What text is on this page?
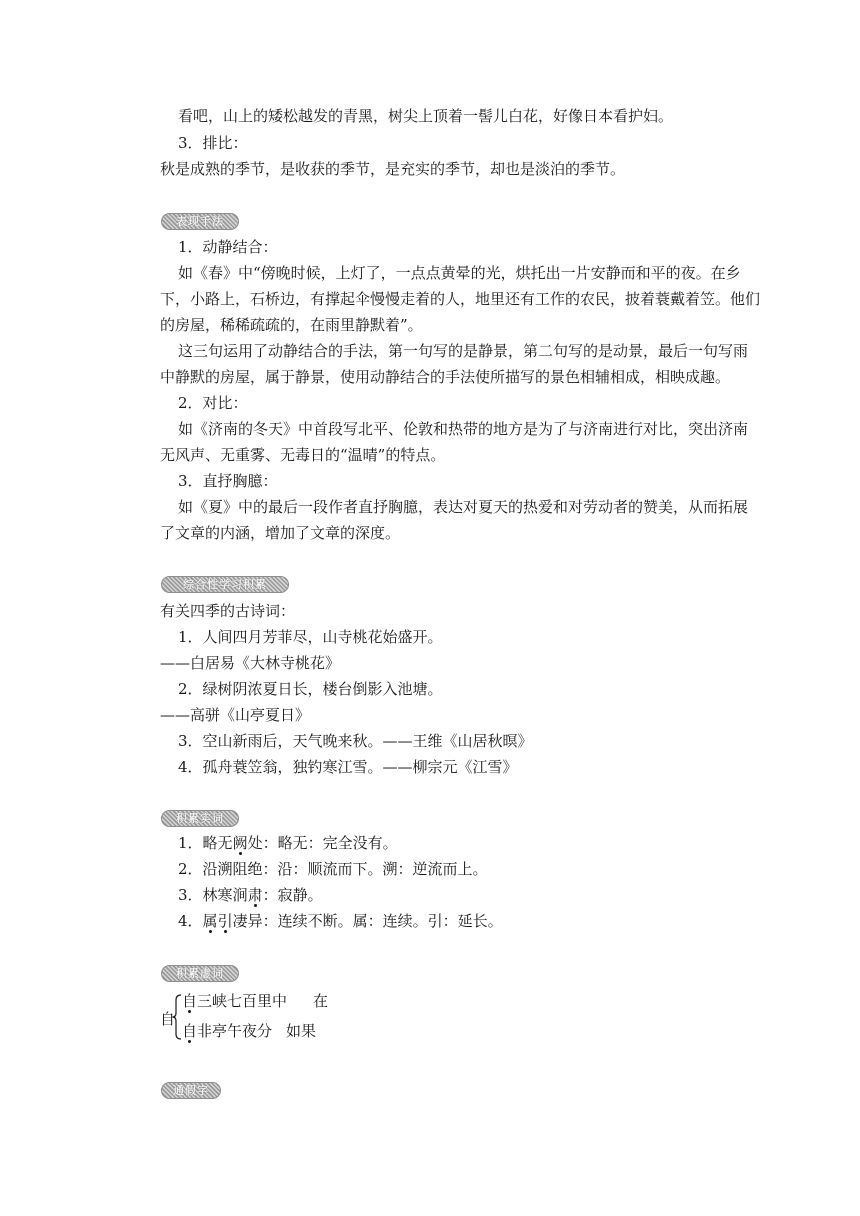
看吧，山上的矮松越发的青黑，树尖上顶着一髻儿白花，好像日本看护妇。
3．排比：
秋是成熟的季节，是收获的季节，是充实的季节，却也是淡泊的季节。
表现手法
1．动静结合：
如《春》中“傍晚时候，上灯了，一点点黄晕的光，烘托出一片安静而和平的夜。在乡
下，小路上，石桥边，有撑起伞慢慢走着的人，地里还有工作的农民，披着蓑戴着笠。他们
的房屋，稀稀疏疏的，在雨里静默着”。
这三句运用了动静结合的手法，第一句写的是静景，第二句写的是动景，最后一句写雨
中静默的房屋，属于静景，使用动静结合的手法使所描写的景色相辅相成，相映成趣。
2．对比：
如《济南的冬天》中首段写北平、伦敦和热带的地方是为了与济南进行对比，突出济南
无风声、无重雾、无毒日的“温晴”的特点。
3．直抒胸臆：
如《夏》中的最后一段作者直抒胸臆，表达对夏天的热爱和对劳动者的赞美，从而拓展
了文章的内涵，增加了文章的深度。
综合性学习积累
有关四季的古诗词：
1．人间四月芳菲尽，山寺桃花始盛开。
——白居易《大林寺桃花》
2．绿树阴浓夏日长，楼台倒影入池塘。
——高骈《山亭夏日》
3．空山新雨后，天气晚来秋。——王维《山居秋暝》
4．孤舟蓑笠翁，独钓寒江雪。——柳宗元《江雪》
积累实词
1．略无阙处：略无：完全没有。
2．沿溯阻绝：沿：顺流而下。溯：逆流而上。
3．林寒涧肃：寂静。
4．属引凄异：连续不断。属：连续。引：延长。
积累虚词
自
自三峡七百里中 在
自非亭午夜分 如果
通假字
